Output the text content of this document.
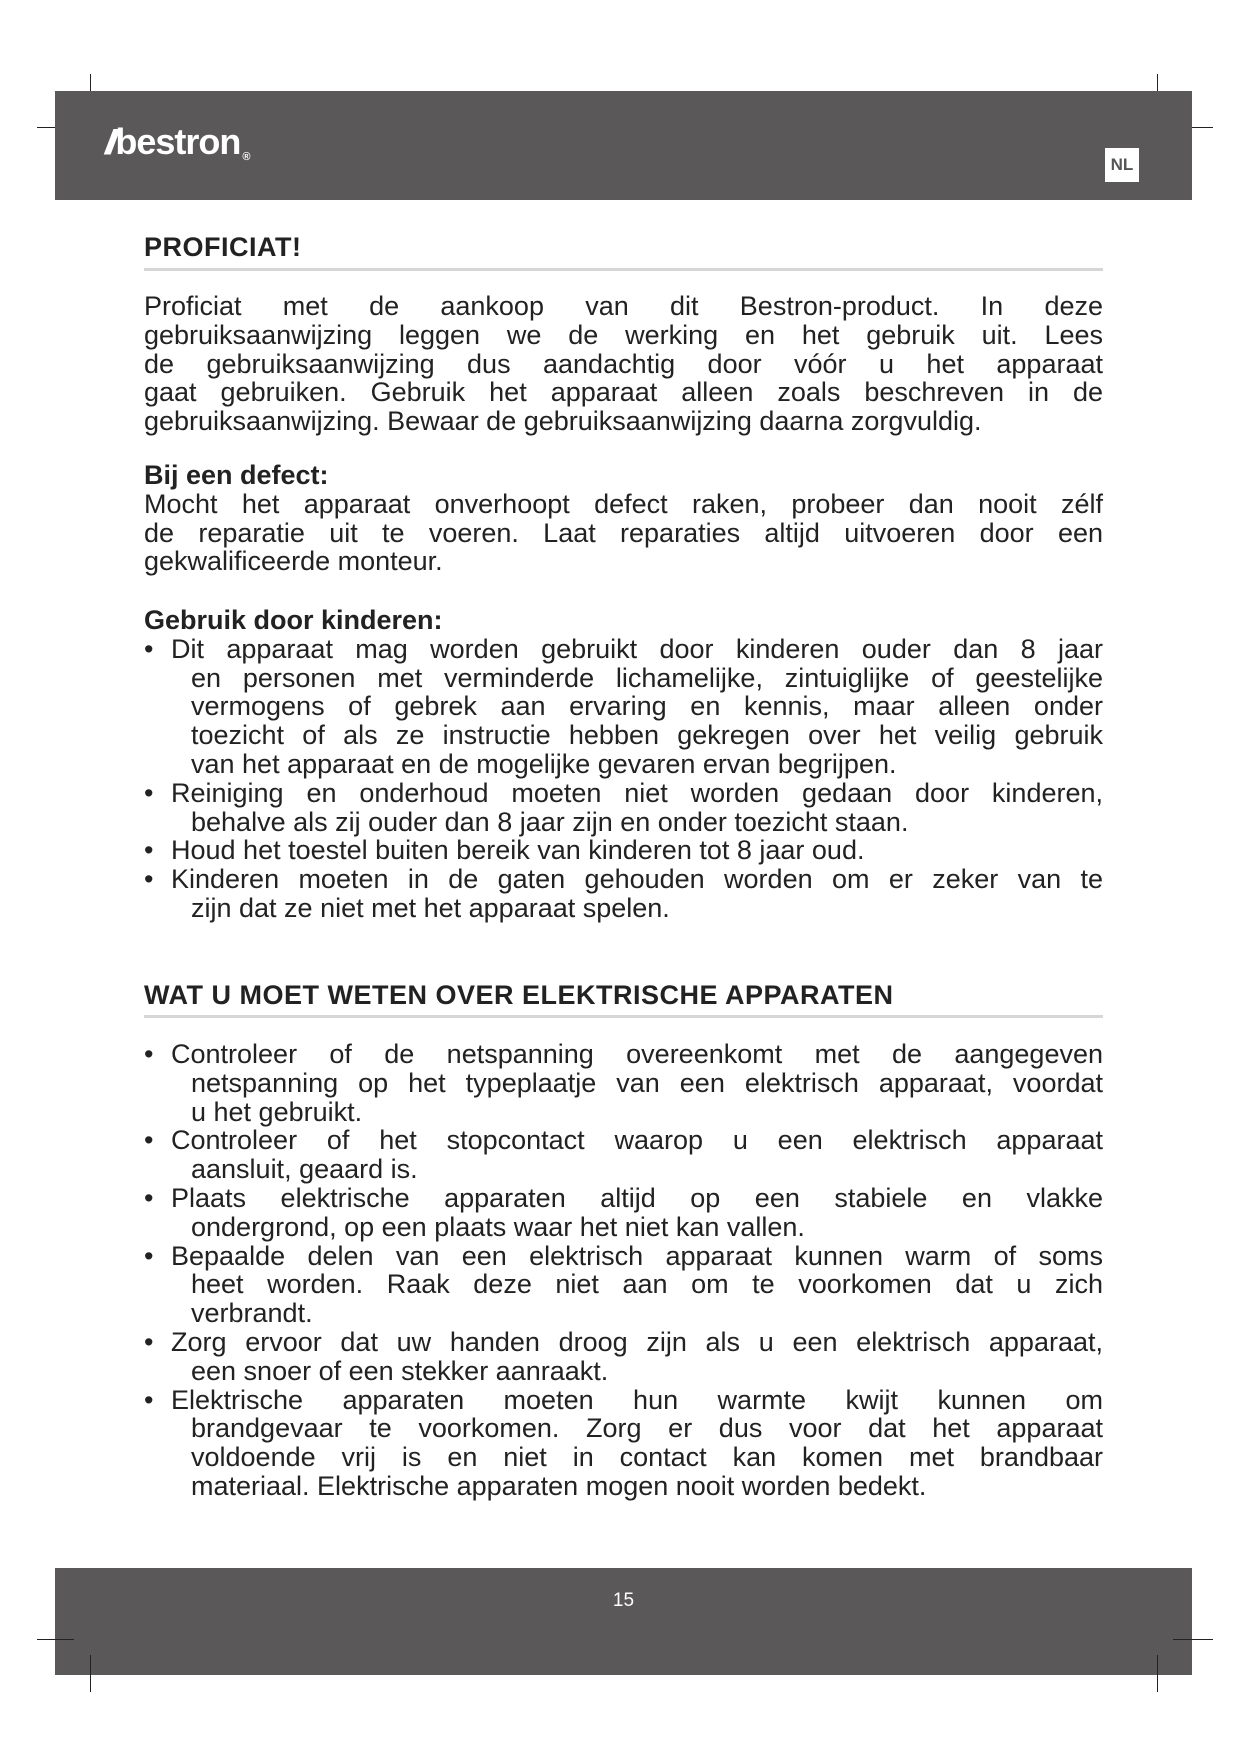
/// bestron$_®$	NL
PROFICIAT!
Proficiat met de aankoop van dit Bestron-product. In deze
gebruiksaanwijzing leggen we de werking en het gebruik uit. Lees
de gebruiksaanwijzing dus aandachtig door vóór u het apparaat
gaat gebruiken. Gebruik het apparaat alleen zoals beschreven in de
gebruiksaanwijzing. Bewaar de gebruiksaanwijzing daarna zorgvuldig.
Bij een defect:
Mocht het apparaat onverhoopt defect raken, probeer dan nooit zélf
de reparatie uit te voeren. Laat reparaties altijd uitvoeren door een
gekwalificeerde monteur.
Gebruik door kinderen:
• Dit apparaat mag worden gebruikt door kinderen ouder dan 8 jaar
en personen met verminderde lichamelijke, zintuiglijke of geestelijke
vermogens of gebrek aan ervaring en kennis, maar alleen onder
toezicht of als ze instructie hebben gekregen over het veilig gebruik
van het apparaat en de mogelijke gevaren ervan begrijpen.
• Reiniging en onderhoud moeten niet worden gedaan door kinderen,
behalve als zij ouder dan 8 jaar zijn en onder toezicht staan.
• Houd het toestel buiten bereik van kinderen tot 8 jaar oud.
• Kinderen moeten in de gaten gehouden worden om er zeker van te
zijn dat ze niet met het apparaat spelen.
WAT U MOET WETEN OVER ELEKTRISCHE APPARATEN
• Controleer of de netspanning overeenkomt met de aangegeven
netspanning op het typeplaatje van een elektrisch apparaat, voordat
u het gebruikt.
• Controleer of het stopcontact waarop u een elektrisch apparaat
aansluit, geaard is.
• Plaats elektrische apparaten altijd op een stabiele en vlakke
ondergrond, op een plaats waar het niet kan vallen.
• Bepaalde delen van een elektrisch apparaat kunnen warm of soms
heet worden. Raak deze niet aan om te voorkomen dat u zich
verbrandt.
• Zorg ervoor dat uw handen droog zijn als u een elektrisch apparaat,
een snoer of een stekker aanraakt.
• Elektrische apparaten moeten hun warmte kwijt kunnen om
brandgevaar te voorkomen. Zorg er dus voor dat het apparaat
voldoende vrij is en niet in contact kan komen met brandbaar
materiaal. Elektrische apparaten mogen nooit worden bedekt.
15
